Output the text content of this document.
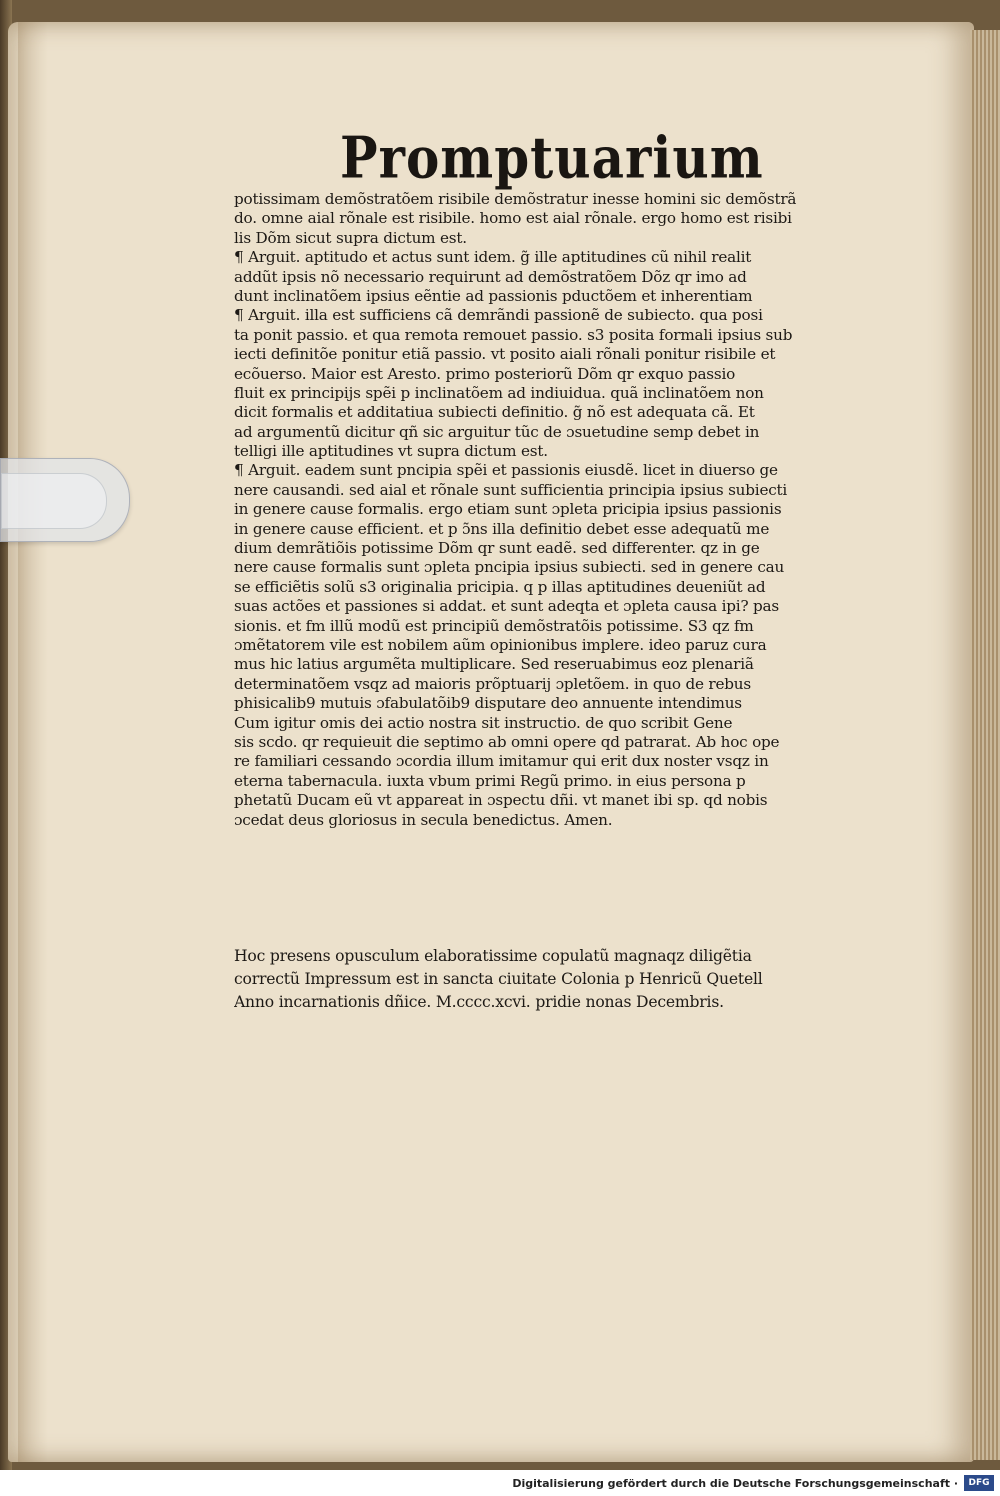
Promptuarium
potissimam demõstratõem risibile demõstratur inesse homini sic demõstrã
do. omne aial rõnale est risibile. homo est aial rõnale. ergo homo est risibi
lis Dõm sicut supra dictum est.
¶ Arguit. aptitudo et actus sunt idem. g̃ ille aptitudines cũ nihil realit
addũt ipsis nõ necessario requirunt ad demõstratõem Dõz qr imo ad
dunt inclinatõem ipsius eẽntie ad passionis pductõem et inherentiam
¶ Arguit. illa est sufficiens cã demrãndi passionẽ de subiecto. qua posi
ta ponit passio. et qua remota remouet passio. s3 posita formali ipsius sub
iecti definitõe ponitur etiã passio. vt posito aiali rõnali ponitur risibile et
ecõuerso. Maior est Aresto. primo posteriorũ Dõm qr exquo passio
fluit ex principijs spẽi p inclinatõem ad indiuidua. quã inclinatõem non
dicit formalis et additatiua subiecti definitio. g̃ nõ est adequata cã. Et
ad argumentũ dicitur qñ sic arguitur tũc de ɔsuetudine semp debet in
telligi ille aptitudines vt supra dictum est.
¶ Arguit. eadem sunt pncipia spẽi et passionis eiusdẽ. licet in diuerso ge
nere causandi. sed aial et rõnale sunt sufficientia principia ipsius subiecti
in genere cause formalis. ergo etiam sunt ɔpleta pricipia ipsius passionis
in genere cause efficient. et p ɔ̃ns illa definitio debet esse adequatũ me
dium demrãtiõis potissime Dõm qr sunt eadẽ. sed differenter. qz in ge
nere cause formalis sunt ɔpleta pncipia ipsius subiecti. sed in genere cau
se efficiẽtis solũ s3 originalia pricipia. q p illas aptitudines deueniũt ad
suas actões et passiones si addat. et sunt adeqta et ɔpleta causa ipi? pas
sionis. et fm illũ modũ est principiũ demõstratõis potissime. S3 qz fm
ɔmẽtatorem vile est nobilem aũm opinionibus implere. ideo paruz cura
mus hic latius argumẽta multiplicare. Sed reseruabimus eoz plenariã
determinatõem vsqz ad maioris prõptuarij ɔpletõem. in quo de rebus
phisicalib9 mutuis ɔfabulatõib9 disputare deo annuente intendimus
Cum igitur omis dei actio nostra sit instructio. de quo scribit Gene
sis scdo. qr requieuit die septimo ab omni opere qd patrarat. Ab hoc ope
re familiari cessando ɔcordia illum imitamur qui erit dux noster vsqz in
eterna tabernacula. iuxta vbum primi Regũ primo. in eius persona p
phetatũ Ducam eũ vt appareat in ɔspectu dñi. vt manet ibi sp. qd nobis
ɔcedat deus gloriosus in secula benedictus. Amen.
Hoc presens opusculum elaboratissime copulatũ magnaqz diligẽtia
correctũ Impressum est in sancta ciuitate Colonia p Henricũ Quetell
Anno incarnationis dñice. M.cccc.xcvi. pridie nonas Decembris.
Digitalisierung gefördert durch die Deutsche Forschungsgemeinschaft ·	DFG
